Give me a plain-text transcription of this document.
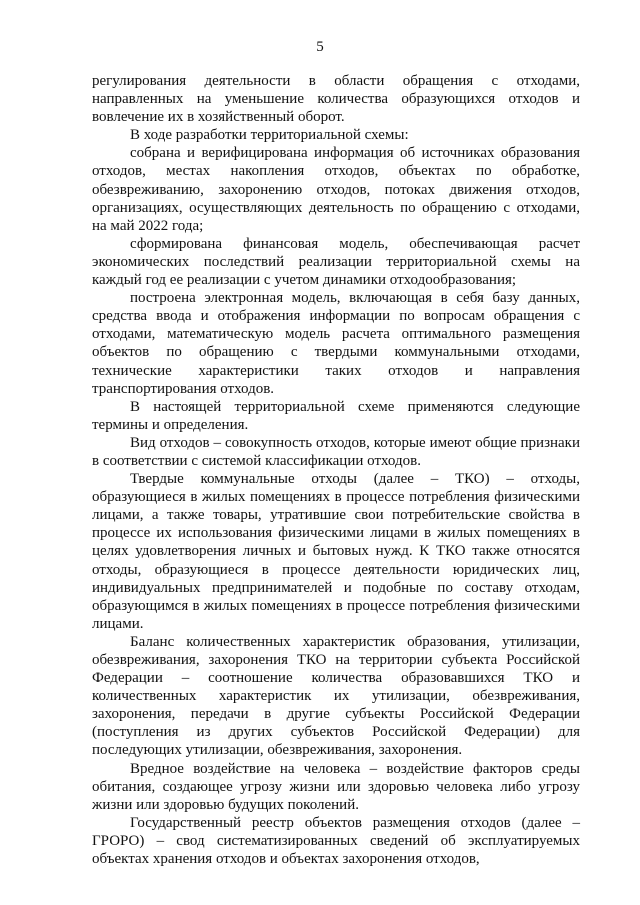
5

регулирования деятельности в области обращения с отходами, направленных на уменьшение количества образующихся отходов и вовлечение их в хозяйственный оборот.

В ходе разработки территориальной схемы:

собрана и верифицирована информация об источниках образования отходов, местах накопления отходов, объектах по обработке, обезвреживанию, захоронению отходов, потоках движения отходов, организациях, осуществляющих деятельность по обращению с отходами, на май 2022 года;

сформирована финансовая модель, обеспечивающая расчет экономических последствий реализации территориальной схемы на каждый год ее реализации с учетом динамики отходообразования;

построена электронная модель, включающая в себя базу данных, средства ввода и отображения информации по вопросам обращения с отходами, математическую модель расчета оптимального размещения объектов по обращению с твердыми коммунальными отходами, технические характеристики таких отходов и направления транспортирования отходов.

В настоящей территориальной схеме применяются следующие термины и определения.

Вид отходов – совокупность отходов, которые имеют общие признаки в соответствии с системой классификации отходов.

Твердые коммунальные отходы (далее – ТКО) – отходы, образующиеся в жилых помещениях в процессе потребления физическими лицами, а также товары, утратившие свои потребительские свойства в процессе их использования физическими лицами в жилых помещениях в целях удовлетворения личных и бытовых нужд. К ТКО также относятся отходы, образующиеся в процессе деятельности юридических лиц, индивидуальных предпринимателей и подобные по составу отходам, образующимся в жилых помещениях в процессе потребления физическими лицами.

Баланс количественных характеристик образования, утилизации, обезвреживания, захоронения ТКО на территории субъекта Российской Федерации – соотношение количества образовавшихся ТКО и количественных характеристик их утилизации, обезвреживания, захоронения, передачи в другие субъекты Российской Федерации (поступления из других субъектов Российской Федерации) для последующих утилизации, обезвреживания, захоронения.

Вредное воздействие на человека – воздействие факторов среды обитания, создающее угрозу жизни или здоровью человека либо угрозу жизни или здоровью будущих поколений.

Государственный реестр объектов размещения отходов (далее – ГРОРО) – свод систематизированных сведений об эксплуатируемых объектах хранения отходов и объектах захоронения отходов,
